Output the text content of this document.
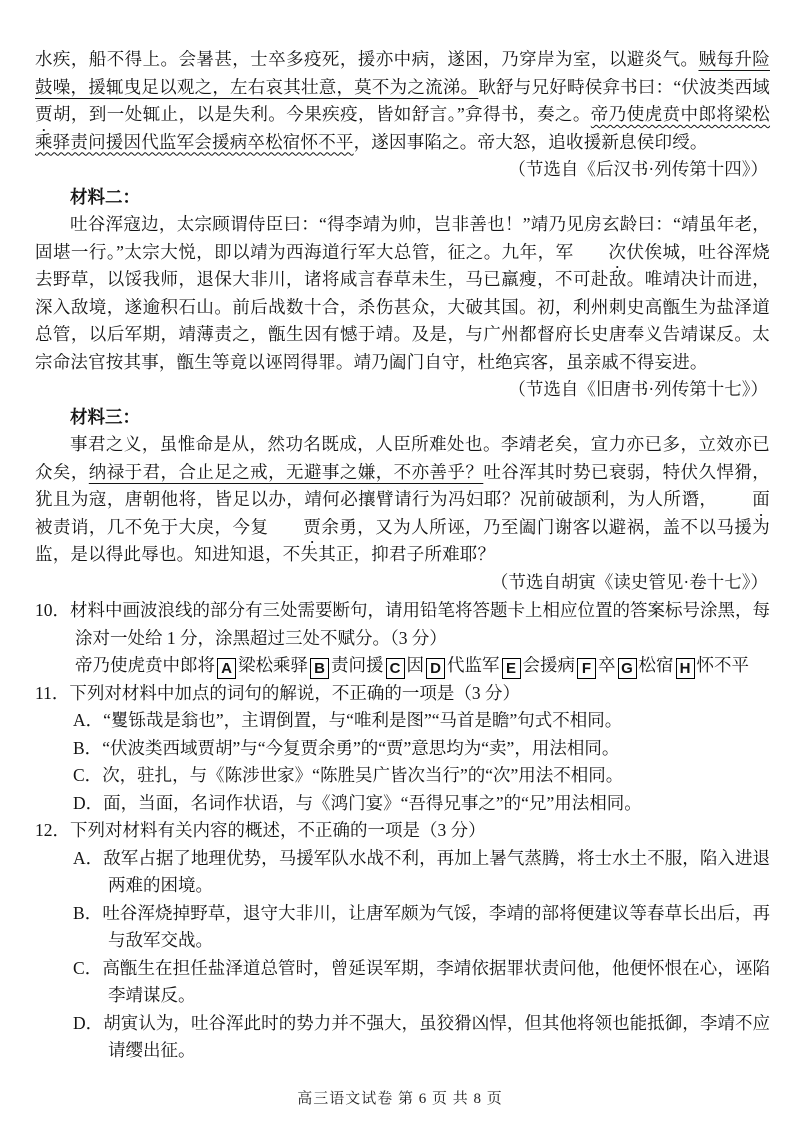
水疾，船不得上。会暑甚，士卒多疫死，援亦中病，遂困，乃穿岸为室，以避炎气。贼每升险鼓噪，援辄曳足以观之，左右哀其壮意，莫不为之流涕。耿舒与兄好畤侯弇书曰：“伏波类西域贾胡，到一处辄止，以是失利。今果疾疫，皆如舒言。”弇得书，奏之。帝乃使虎贲中郎将梁松乘驿责问援因代监军会援病卒松宿怀不平，遂因事陷之。帝大怒，追收援新息侯印绶。

（节选自《后汉书·列传第十四》）

材料二：

吐谷浑寇边，太宗顾谓侍臣曰：“得李靖为帅，岂非善也！”靖乃见房玄龄曰：“靖虽年老，固堪一行。”太宗大悦，即以靖为西海道行军大总管，征之。九年，军 次伏俟城，吐谷浑烧去野草，以馁我师，退保大非川，诸将咸言春草未生，马已羸瘦，不可赴敌。唯靖决计而进，深入敌境，遂逾积石山。前后战数十合，杀伤甚众，大破其国。初，利州刺史高甑生为盐泽道总管，以后军期，靖薄责之，甑生因有憾于靖。及是，与广州都督府长史唐奉义告靖谋反。太宗命法官按其事，甑生等竟以诬罔得罪。靖乃阖门自守，杜绝宾客，虽亲戚不得妄进。

（节选自《旧唐书·列传第十七》）

材料三：

事君之义，虽惟命是从，然功名既成，人臣所难处也。李靖老矣，宣力亦已多，立效亦已众矣，纳禄于君，合止足之戒，无避事之嫌，不亦善乎？吐谷浑其时势已衰弱，特伏久悍猾，犹且为寇，唐朝他将，皆足以办，靖何必攘臂请行为冯妇耶？况前破颉利，为人所谮， 面被责诮，几不免于大戾，今复 贾余勇，又为人所诬，乃至阖门谢客以避祸，盖不以马援为监，是以得此辱也。知进知退，不失其正，抑君子所难耶？

（节选自胡寅《读史管见·卷十七》）

10．材料中画波浪线的部分有三处需要断句，请用铅笔将答题卡上相应位置的答案标号涂黑，每涂对一处给 1 分，涂黑超过三处不赋分。（3 分）

帝乃使虎贲中郎将 A 梁松乘驿 B 责问援 C 因 D 代监军 E 会援病 F 卒 G 松宿 H 怀不平

11．下列对材料中加点的词句的解说，不正确的一项是（3 分）

A．“矍铄哉是翁也”，主谓倒置，与“唯利是图”“马首是瞻”句式不相同。

B．“伏波类西域贾胡”与“今复贾余勇”的“贾”意思均为“卖”，用法相同。

C．次，驻扎，与《陈涉世家》“陈胜吴广皆次当行”的“次”用法不相同。

D．面，当面，名词作状语，与《鸿门宴》“吾得兄事之”的“兄”用法相同。

12．下列对材料有关内容的概述，不正确的一项是（3 分）

A．敌军占据了地理优势，马援军队水战不利，再加上暑气蒸腾，将士水土不服，陷入进退两难的困境。

B．吐谷浑烧掉野草，退守大非川，让唐军颇为气馁，李靖的部将便建议等春草长出后，再与敌军交战。

C．高甑生在担任盐泽道总管时，曾延误军期，李靖依据罪状责问他，他便怀恨在心，诬陷李靖谋反。

D．胡寅认为，吐谷浑此时的势力并不强大，虽狡猾凶悍，但其他将领也能抵御，李靖不应请缨出征。

高三语文试卷 第 6 页 共 8 页
